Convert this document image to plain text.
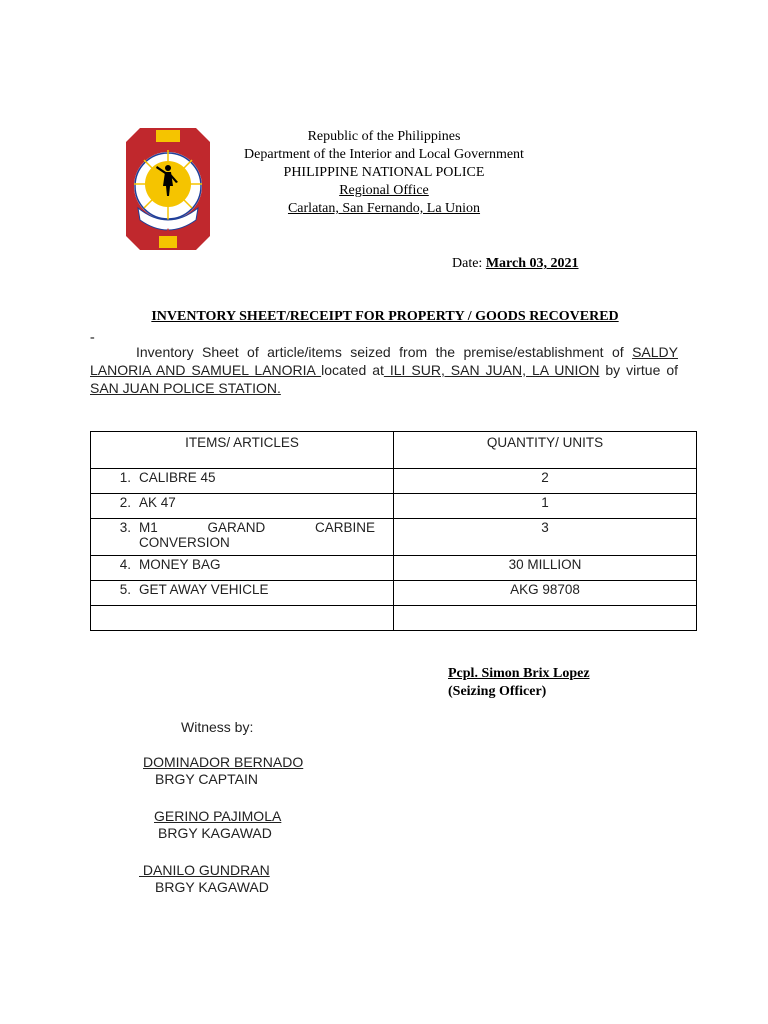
Republic of the Philippines
Department of the Interior and Local Government
PHILIPPINE NATIONAL POLICE
Regional Office
Carlatan, San Fernando, La Union
Date: March 03, 2021
INVENTORY SHEET/RECEIPT FOR PROPERTY / GOODS RECOVERED
-
Inventory Sheet of article/items seized from the premise/establishment of SALDY LANORIA AND SAMUEL LANORIA located at ILI SUR, SAN JUAN, LA UNION by virtue of SAN JUAN POLICE STATION.
ITEMS/ ARTICLES	QUANTITY/ UNITS
1. CALIBRE 45	2
2. AK 47	1
3. M1 GARAND CARBINE CONVERSION	3
4. MONEY BAG	30 MILLION
5. GET AWAY VEHICLE	AKG 98708

Pcpl. Simon Brix Lopez
(Seizing Officer)
Witness by:
DOMINADOR BERNADO
BRGY CAPTAIN
GERINO PAJIMOLA
BRGY KAGAWAD
DANILO GUNDRAN
BRGY KAGAWAD
